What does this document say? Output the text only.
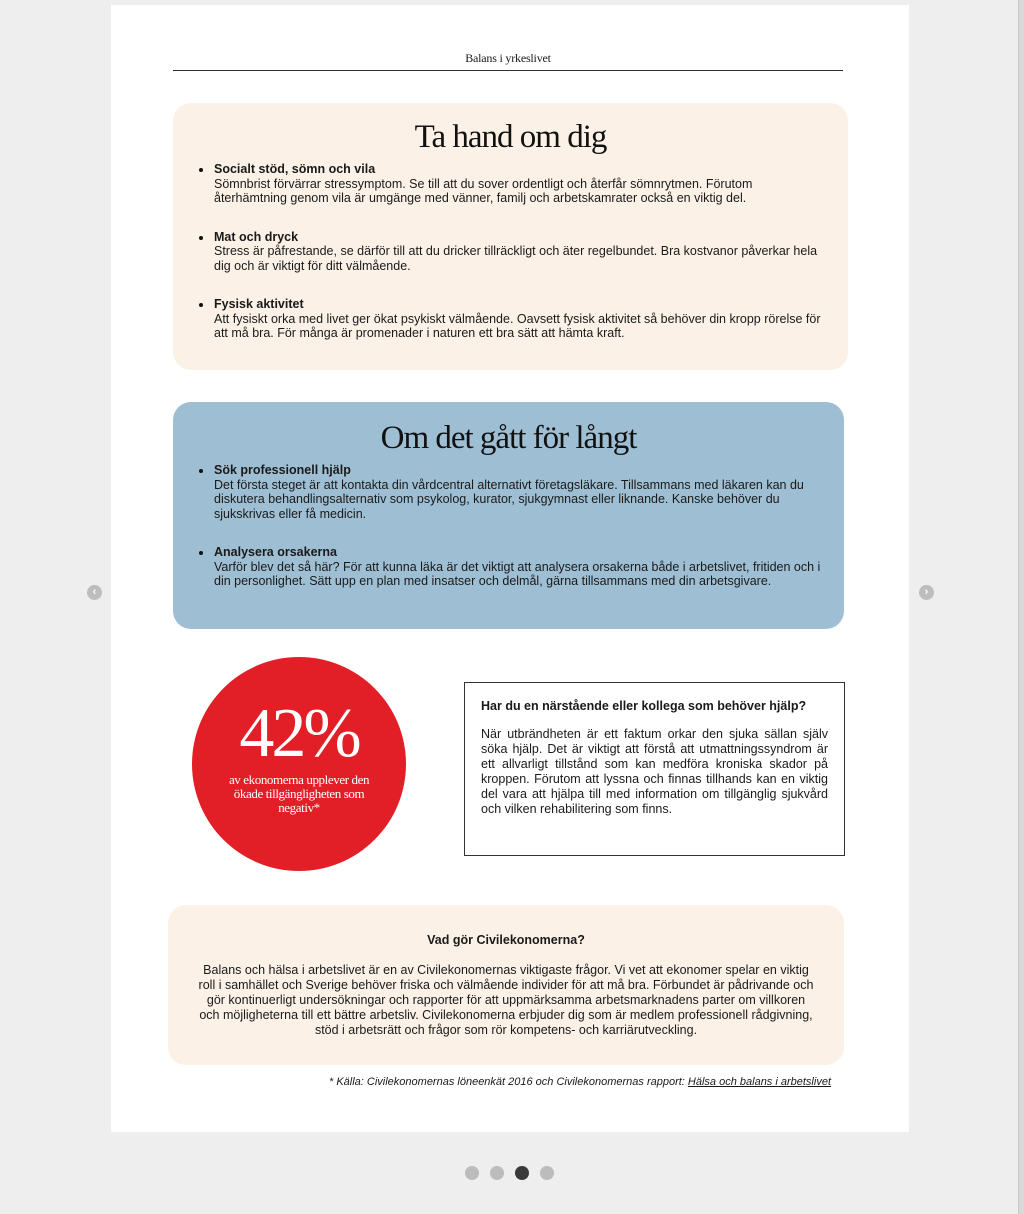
‹	›
Balans i yrkeslivet
Ta hand om dig
Socialt stöd, sömn och vila
Sömnbrist förvärrar stressymptom. Se till att du sover ordentligt och återfår sömnrytmen. Förutom återhämtning genom vila är umgänge med vänner, familj och arbetskamrater också en viktig del.
Mat och dryck
Stress är påfrestande, se därför till att du dricker tillräckligt och äter regelbundet. Bra kostvanor påverkar hela dig och är viktigt för ditt välmående.
Fysisk aktivitet
Att fysiskt orka med livet ger ökat psykiskt välmående. Oavsett fysisk aktivitet så behöver din kropp rörelse för att må bra. För många är promenader i naturen ett bra sätt att hämta kraft.
Om det gått för långt
Sök professionell hjälp
Det första steget är att kontakta din vårdcentral alternativt företagsläkare. Tillsammans med läkaren kan du diskutera behandlingsalternativ som psykolog, kurator, sjukgymnast eller liknande. Kanske behöver du sjukskrivas eller få medicin.
Analysera orsakerna
Varför blev det så här? För att kunna läka är det viktigt att analysera orsakerna både i arbetslivet, fritiden och i din personlighet. Sätt upp en plan med insatser och delmål, gärna tillsammans med din arbetsgivare.
42%
av ekonomerna upplever den ökade tillgängligheten som negativ*

Har du en närstående eller kollega som behöver hjälp?

När utbrändheten är ett faktum orkar den sjuka sällan själv söka hjälp. Det är viktigt att förstå att utmattningssyndrom är ett allvarligt tillstånd som kan medföra kroniska skador på kroppen. Förutom att lyssna och finnas tillhands kan en viktig del vara att hjälpa till med information om tillgänglig sjukvård och vilken rehabilitering som finns.

Vad gör Civilekonomerna?

Balans och hälsa i arbetslivet är en av Civilekonomernas viktigaste frågor. Vi vet att ekonomer spelar en viktig roll i samhället och Sverige behöver friska och välmående individer för att må bra. Förbundet är pådrivande och gör kontinuerligt undersökningar och rapporter för att uppmärksamma arbetsmarknadens parter om villkoren och möjligheterna till ett bättre arbetsliv. Civilekonomerna erbjuder dig som är medlem professionell rådgivning, stöd i arbetsrätt och frågor som rör kompetens- och karriärutveckling.

* Källa: Civilekonomernas löneenkät 2016 och Civilekonomernas rapport: Hälsa och balans i arbetslivet
